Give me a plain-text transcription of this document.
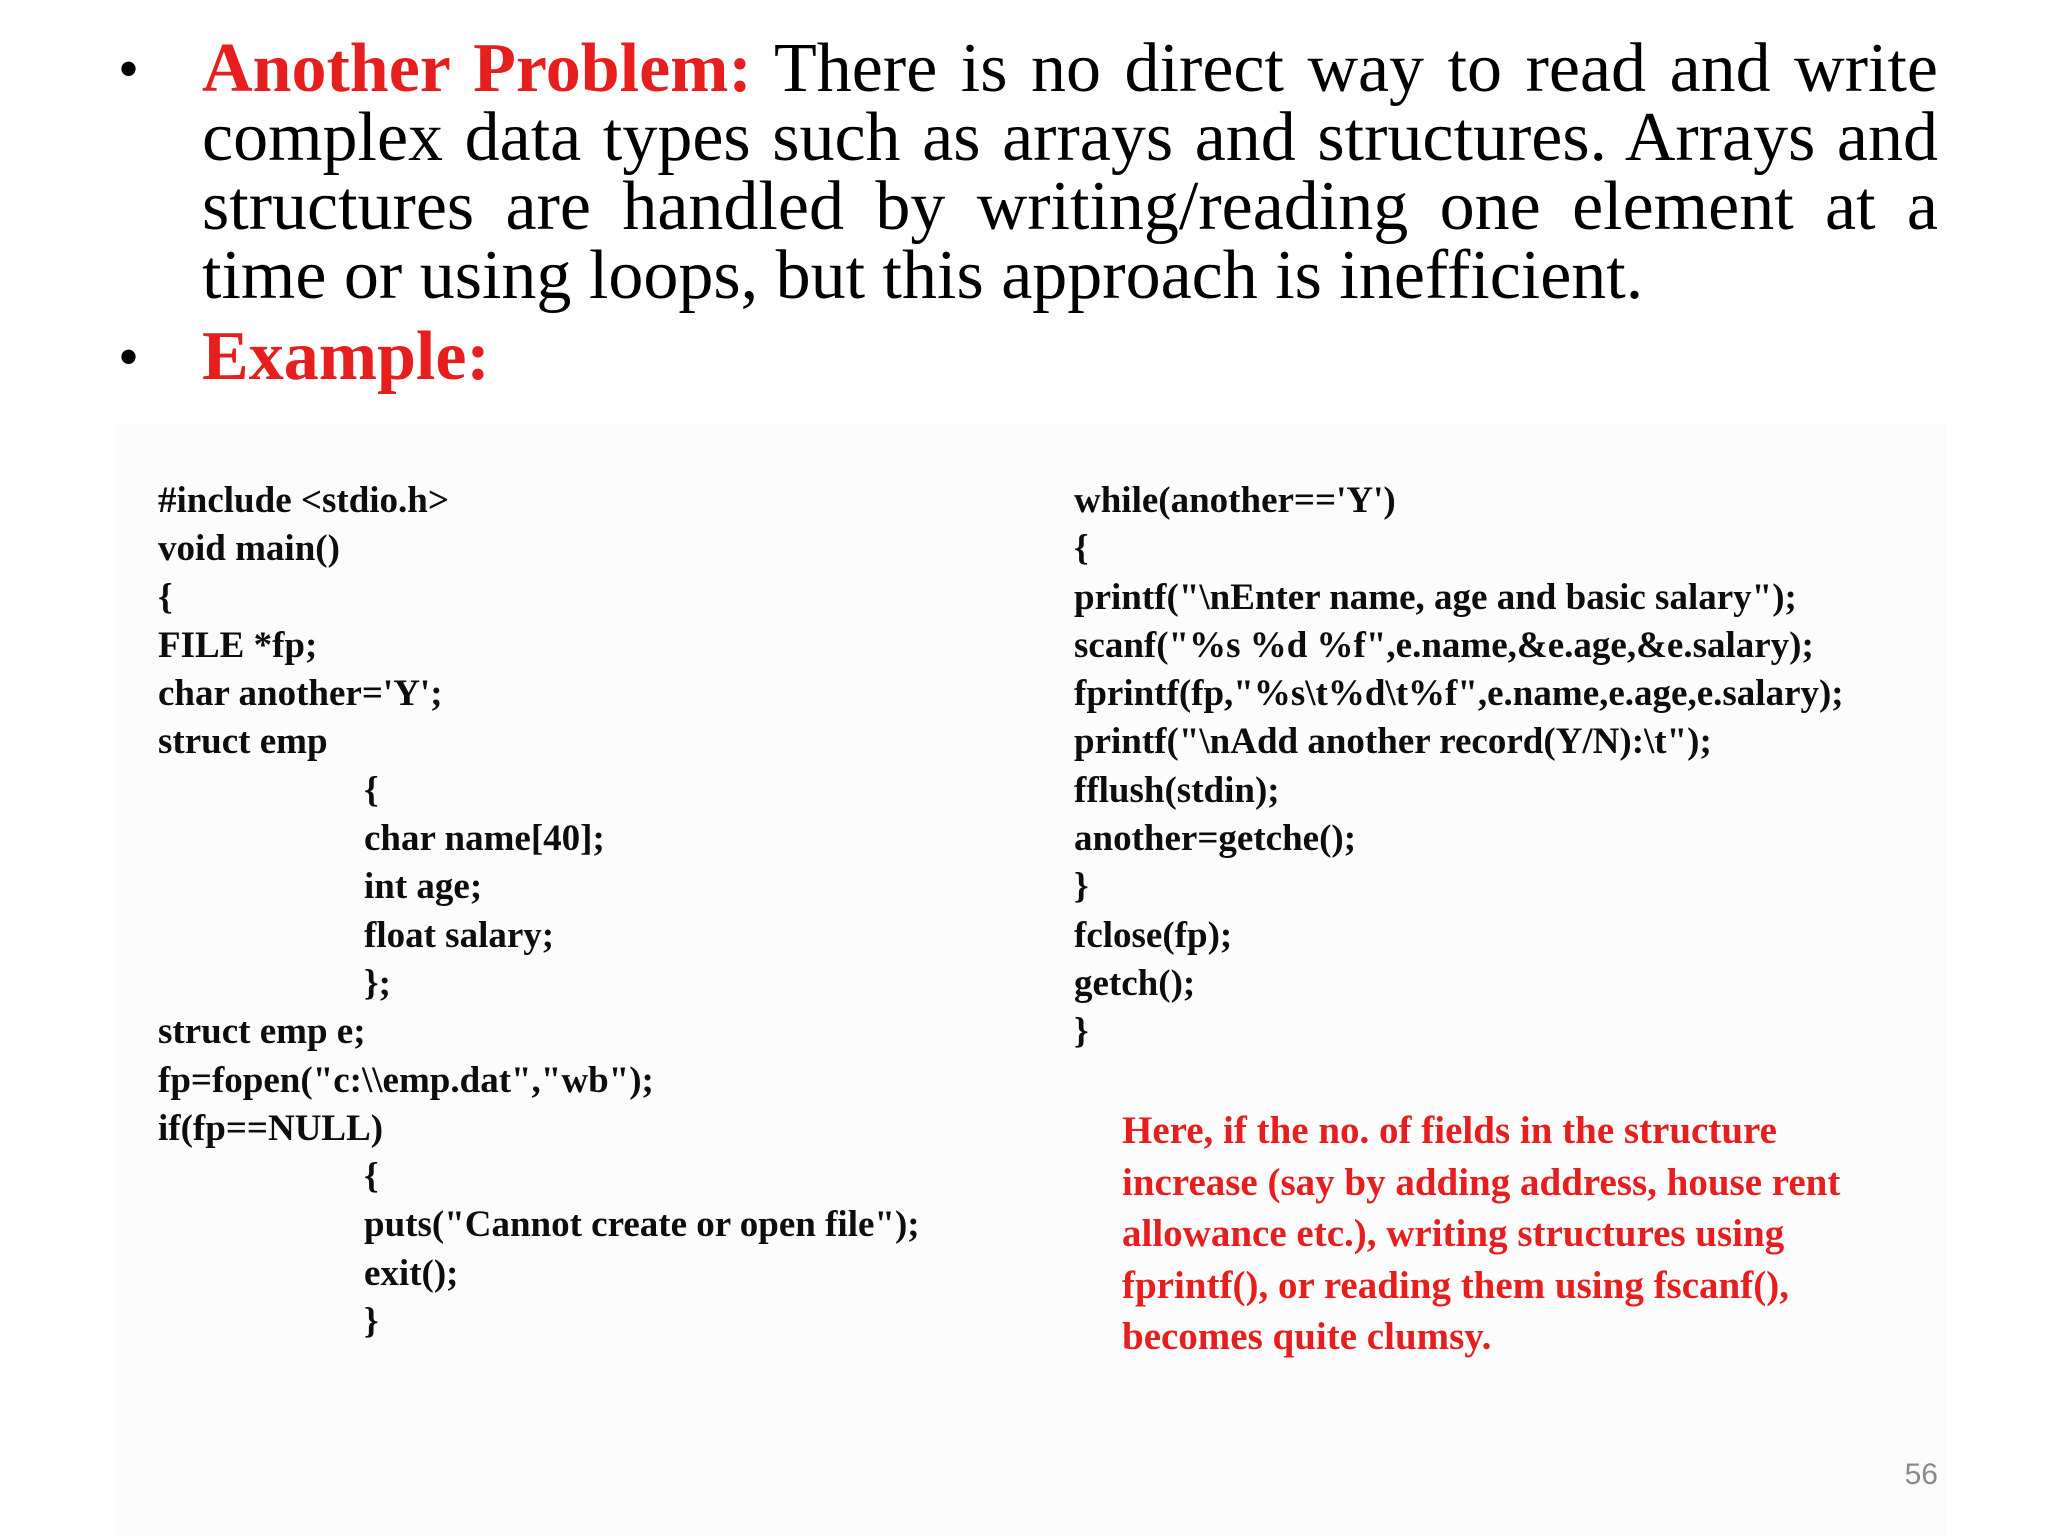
• Another Problem: There is no direct way to read and write complex data types such as arrays and structures. Arrays and structures are handled by writing/reading one element at a time or using loops, but this approach is inefficient.
• Example:
#include <stdio.h>
void main()
{
FILE *fp;
char another='Y';
struct emp
{
char name[40];
int age;
float salary;
};
struct emp e;
fp=fopen("c:\\emp.dat","wb");
if(fp==NULL)
{
puts("Cannot create or open file");
exit();
}
while(another=='Y')
{
printf("\nEnter name, age and basic salary");
scanf("%s %d %f",e.name,&e.age,&e.salary);
fprintf(fp,"%s\t%d\t%f",e.name,e.age,e.salary);
printf("\nAdd another record(Y/N):\t");
fflush(stdin);
another=getche();
}
fclose(fp);
getch();
}
Here, if the no. of fields in the structure increase (say by adding address, house rent allowance etc.), writing structures using fprintf(), or reading them using fscanf(), becomes quite clumsy.
56
